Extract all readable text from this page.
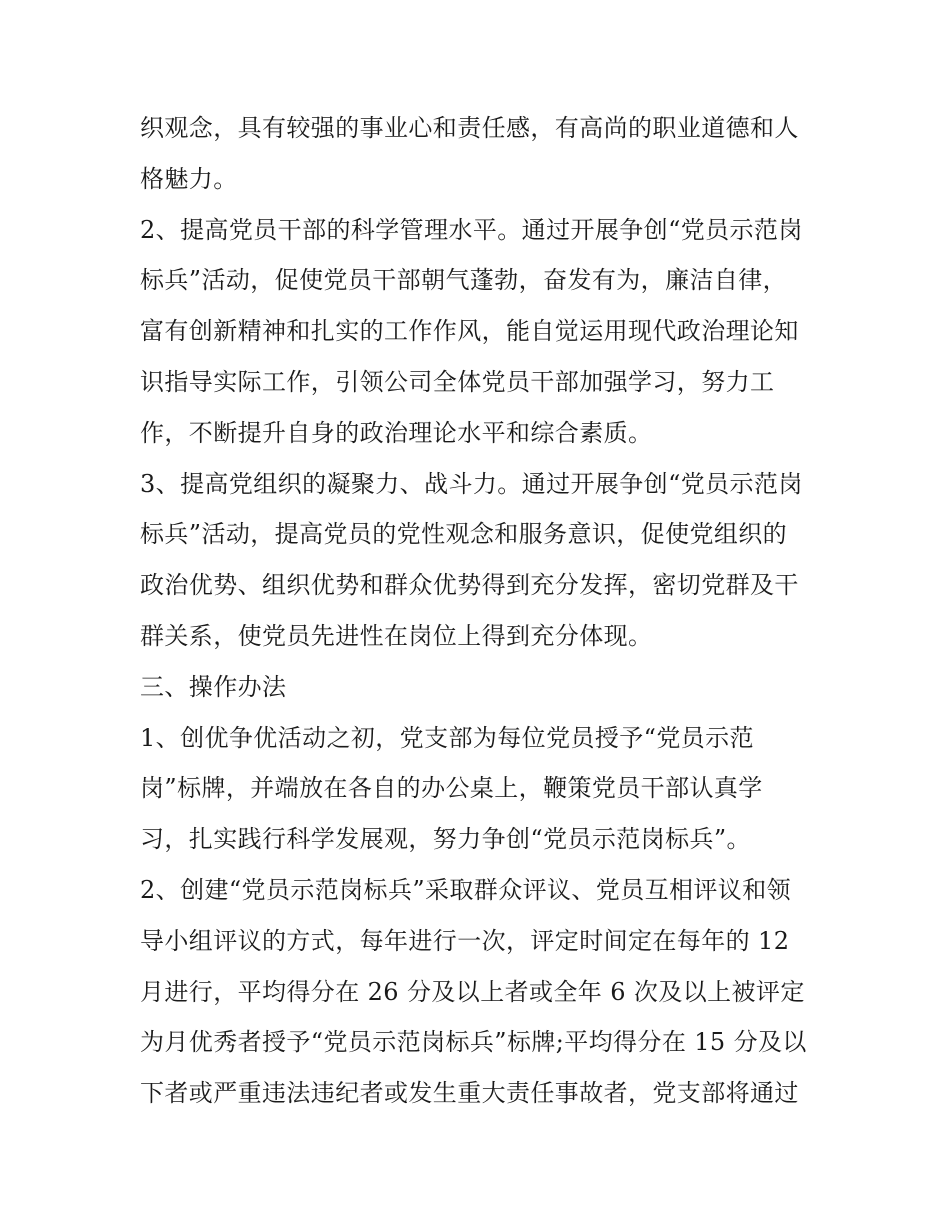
织观念，具有较强的事业心和责任感，有高尚的职业道德和人
格魅力。
2、提高党员干部的科学管理水平。通过开展争创“党员示范岗
标兵”活动，促使党员干部朝气蓬勃，奋发有为，廉洁自律，
富有创新精神和扎实的工作作风，能自觉运用现代政治理论知
识指导实际工作，引领公司全体党员干部加强学习，努力工
作，不断提升自身的政治理论水平和综合素质。
3、提高党组织的凝聚力、战斗力。通过开展争创“党员示范岗
标兵”活动，提高党员的党性观念和服务意识，促使党组织的
政治优势、组织优势和群众优势得到充分发挥，密切党群及干
群关系，使党员先进性在岗位上得到充分体现。
三、操作办法
1、创优争优活动之初，党支部为每位党员授予“党员示范
岗”标牌，并端放在各自的办公桌上，鞭策党员干部认真学
习，扎实践行科学发展观，努力争创“党员示范岗标兵”。
2、创建“党员示范岗标兵”采取群众评议、党员互相评议和领
导小组评议的方式，每年进行一次，评定时间定在每年的 12
月进行，平均得分在 26 分及以上者或全年 6 次及以上被评定
为月优秀者授予“党员示范岗标兵”标牌;平均得分在 15 分及以
下者或严重违法违纪者或发生重大责任事故者，党支部将通过
